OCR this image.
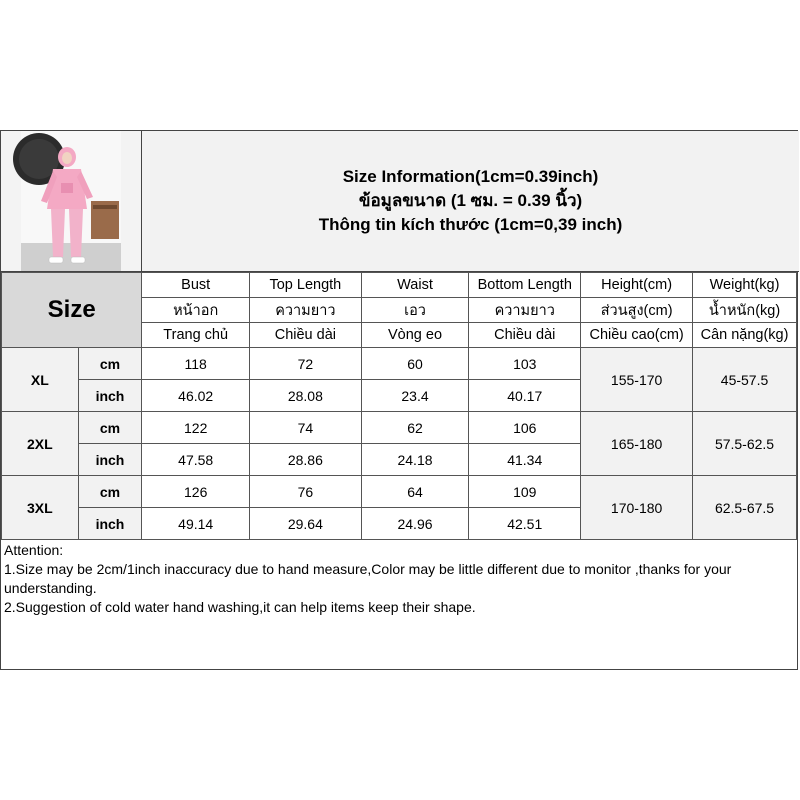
Size Information(1cm=0.39inch)
ข้อมูลขนาด (1 ซม. = 0.39 นิ้ว)
Thông tin kích thước (1cm=0,39 inch)
Size		Bust	Top Length	Waist	Bottom Length	Height(cm)	Weight(kg)
		หน้าอก	ความยาว	เอว	ความยาว	ส่วนสูง(cm)	น้ำหนัก(kg)
		Trang chủ	Chiều dài	Vòng eo	Chiều dài	Chiều cao(cm)	Cân nặng(kg)
XL	cm	118	72	60	103	155-170	45-57.5
	inch	46.02	28.08	23.4	40.17		
2XL	cm	122	74	62	106	165-180	57.5-62.5
	inch	47.58	28.86	24.18	41.34		
3XL	cm	126	76	64	109	170-180	62.5-67.5
	inch	49.14	29.64	24.96	42.51		
Attention:
1.Size may be 2cm/1inch inaccuracy due to hand measure,Color may be little different due to monitor ,thanks for your
understanding.
2.Suggestion of cold water hand washing,it can help items keep their shape.
